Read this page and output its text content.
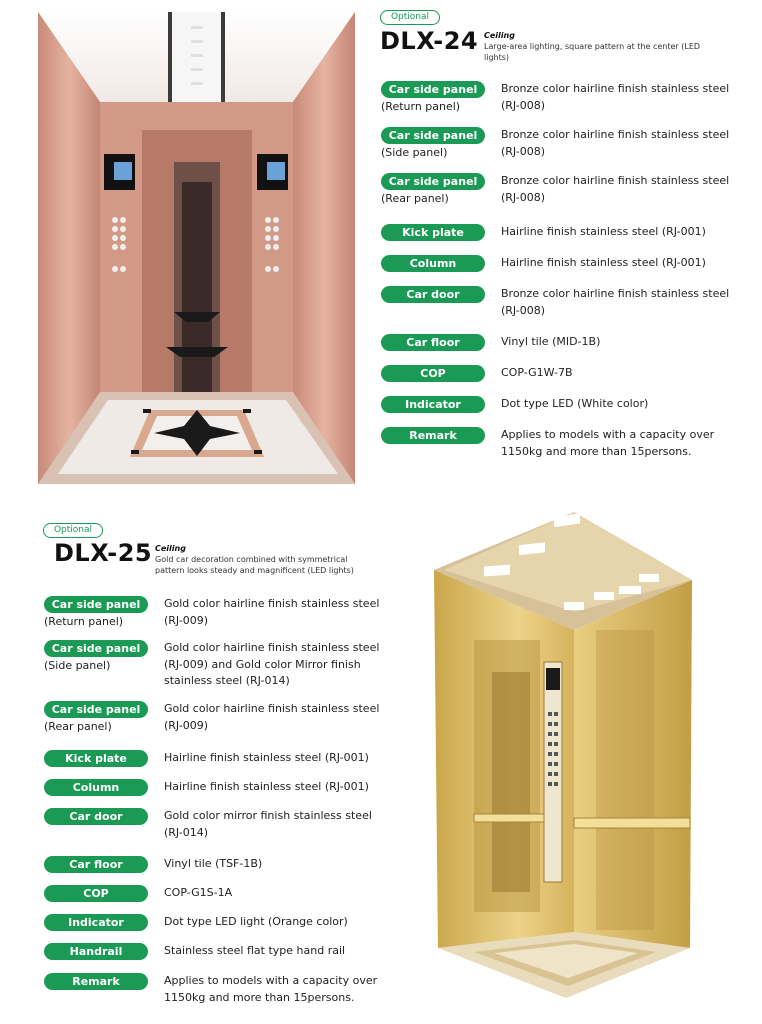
Optional
DLX-24 Ceiling
Large-area lighting, square pattern at the center (LED lights)
Car side panel
(Return panel)
Bronze color hairline finish stainless steel (RJ-008)
Car side panel
(Side panel)
Bronze color hairline finish stainless steel (RJ-008)
Car side panel
(Rear panel)
Bronze color hairline finish stainless steel (RJ-008)
Kick plate	Hairline finish stainless steel (RJ-001)
Column	Hairline finish stainless steel (RJ-001)
Car door	Bronze color hairline finish stainless steel (RJ-008)
Car floor	Vinyl tile (MID-1B)
COP	COP-G1W-7B
Indicator	Dot type LED (White color)
Remark	Applies to models with a capacity over 1150kg and more than 15persons.
Optional
DLX-25 Ceiling
Gold car decoration combined with symmetrical pattern looks steady and magnificent (LED lights)
Car side panel
(Return panel)
Gold color hairline finish stainless steel (RJ-009)
Car side panel
(Side panel)
Gold color hairline finish stainless steel (RJ-009) and Gold color Mirror finish stainless steel (RJ-014)
Car side panel
(Rear panel)
Gold color hairline finish stainless steel (RJ-009)
Kick plate	Hairline finish stainless steel (RJ-001)
Column	Hairline finish stainless steel (RJ-001)
Car door	Gold color mirror finish stainless steel (RJ-014)
Car floor	Vinyl tile (TSF-1B)
COP	COP-G1S-1A
Indicator	Dot type LED light (Orange color)
Handrail	Stainless steel flat type hand rail
Remark	Applies to models with a capacity over 1150kg and more than 15persons.
